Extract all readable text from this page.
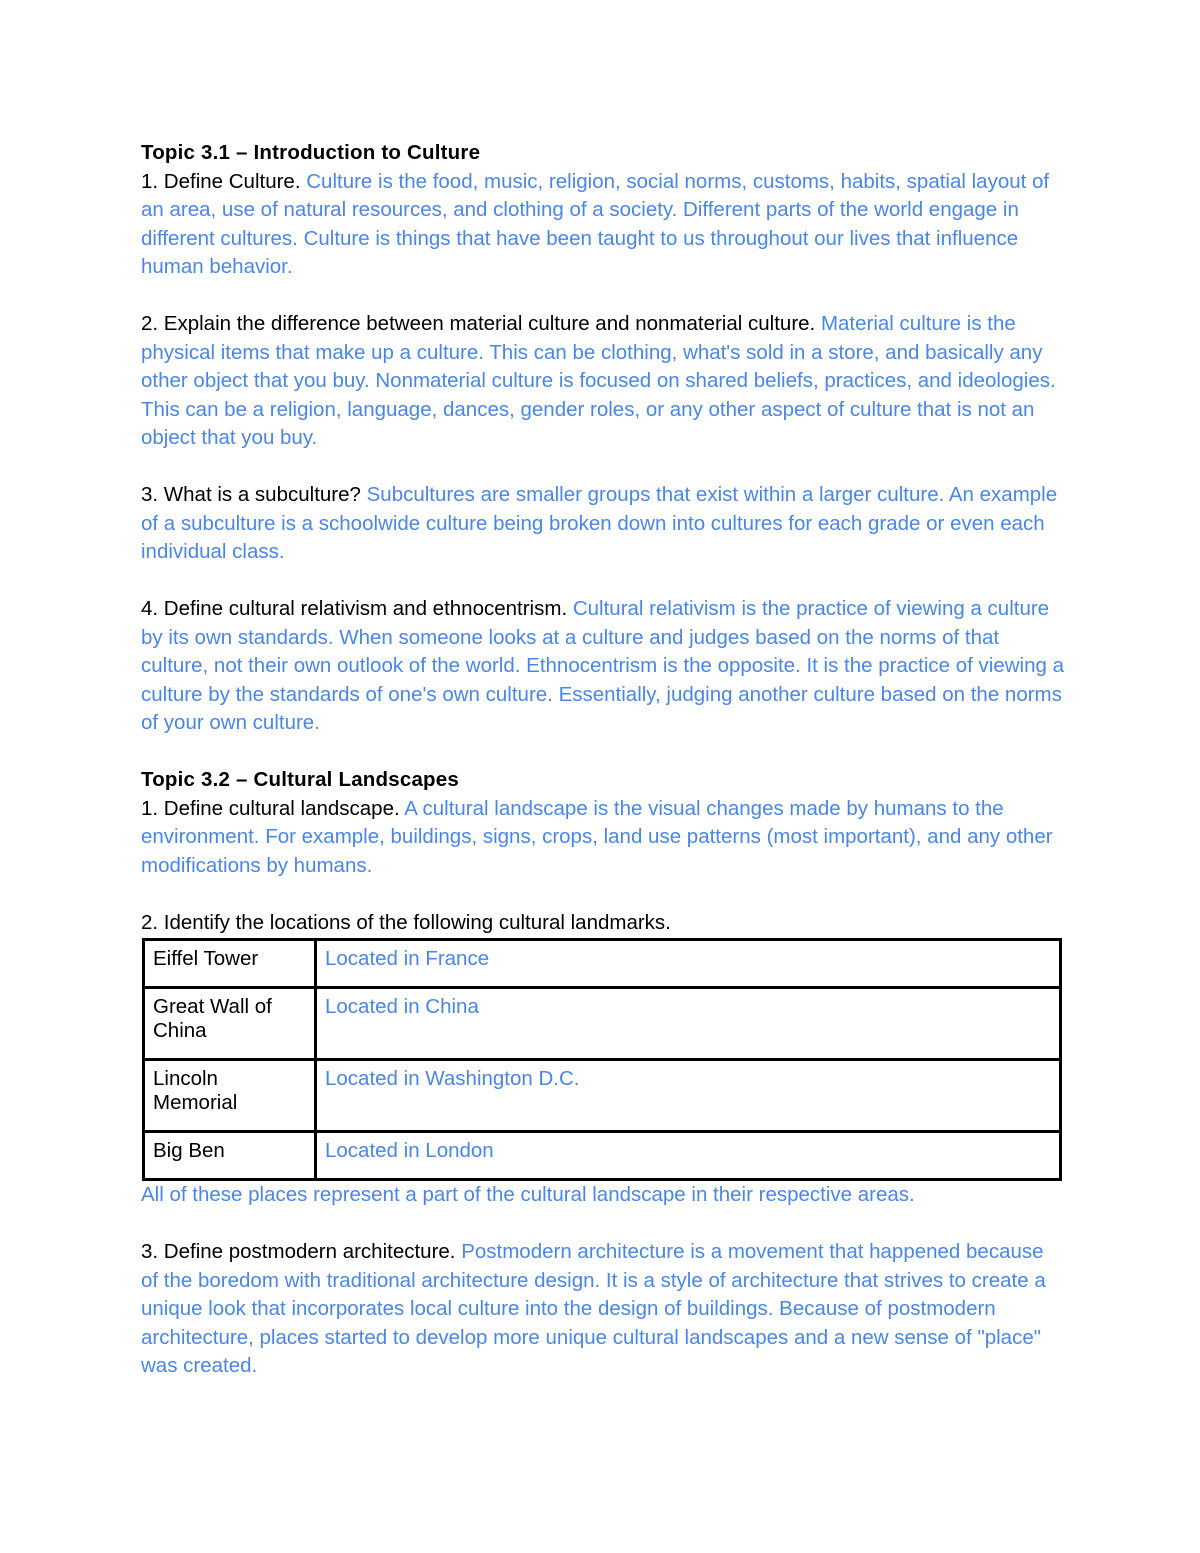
Topic 3.1 – Introduction to Culture
1. Define Culture. Culture is the food, music, religion, social norms, customs, habits, spatial layout of an area, use of natural resources, and clothing of a society. Different parts of the world engage in different cultures. Culture is things that have been taught to us throughout our lives that influence human behavior.
2. Explain the difference between material culture and nonmaterial culture. Material culture is the physical items that make up a culture. This can be clothing, what's sold in a store, and basically any other object that you buy. Nonmaterial culture is focused on shared beliefs, practices, and ideologies. This can be a religion, language, dances, gender roles, or any other aspect of culture that is not an object that you buy.
3. What is a subculture? Subcultures are smaller groups that exist within a larger culture. An example of a subculture is a schoolwide culture being broken down into cultures for each grade or even each individual class.
4. Define cultural relativism and ethnocentrism. Cultural relativism is the practice of viewing a culture by its own standards. When someone looks at a culture and judges based on the norms of that culture, not their own outlook of the world. Ethnocentrism is the opposite. It is the practice of viewing a culture by the standards of one's own culture. Essentially, judging another culture based on the norms of your own culture.
Topic 3.2 – Cultural Landscapes
1. Define cultural landscape. A cultural landscape is the visual changes made by humans to the environment. For example, buildings, signs, crops, land use patterns (most important), and any other modifications by humans.
2. Identify the locations of the following cultural landmarks.
Eiffel Tower	Located in France
Great Wall of China	Located in China
Lincoln Memorial	Located in Washington D.C.
Big Ben	Located in London
All of these places represent a part of the cultural landscape in their respective areas.
3. Define postmodern architecture. Postmodern architecture is a movement that happened because of the boredom with traditional architecture design. It is a style of architecture that strives to create a unique look that incorporates local culture into the design of buildings. Because of postmodern architecture, places started to develop more unique cultural landscapes and a new sense of "place" was created.
